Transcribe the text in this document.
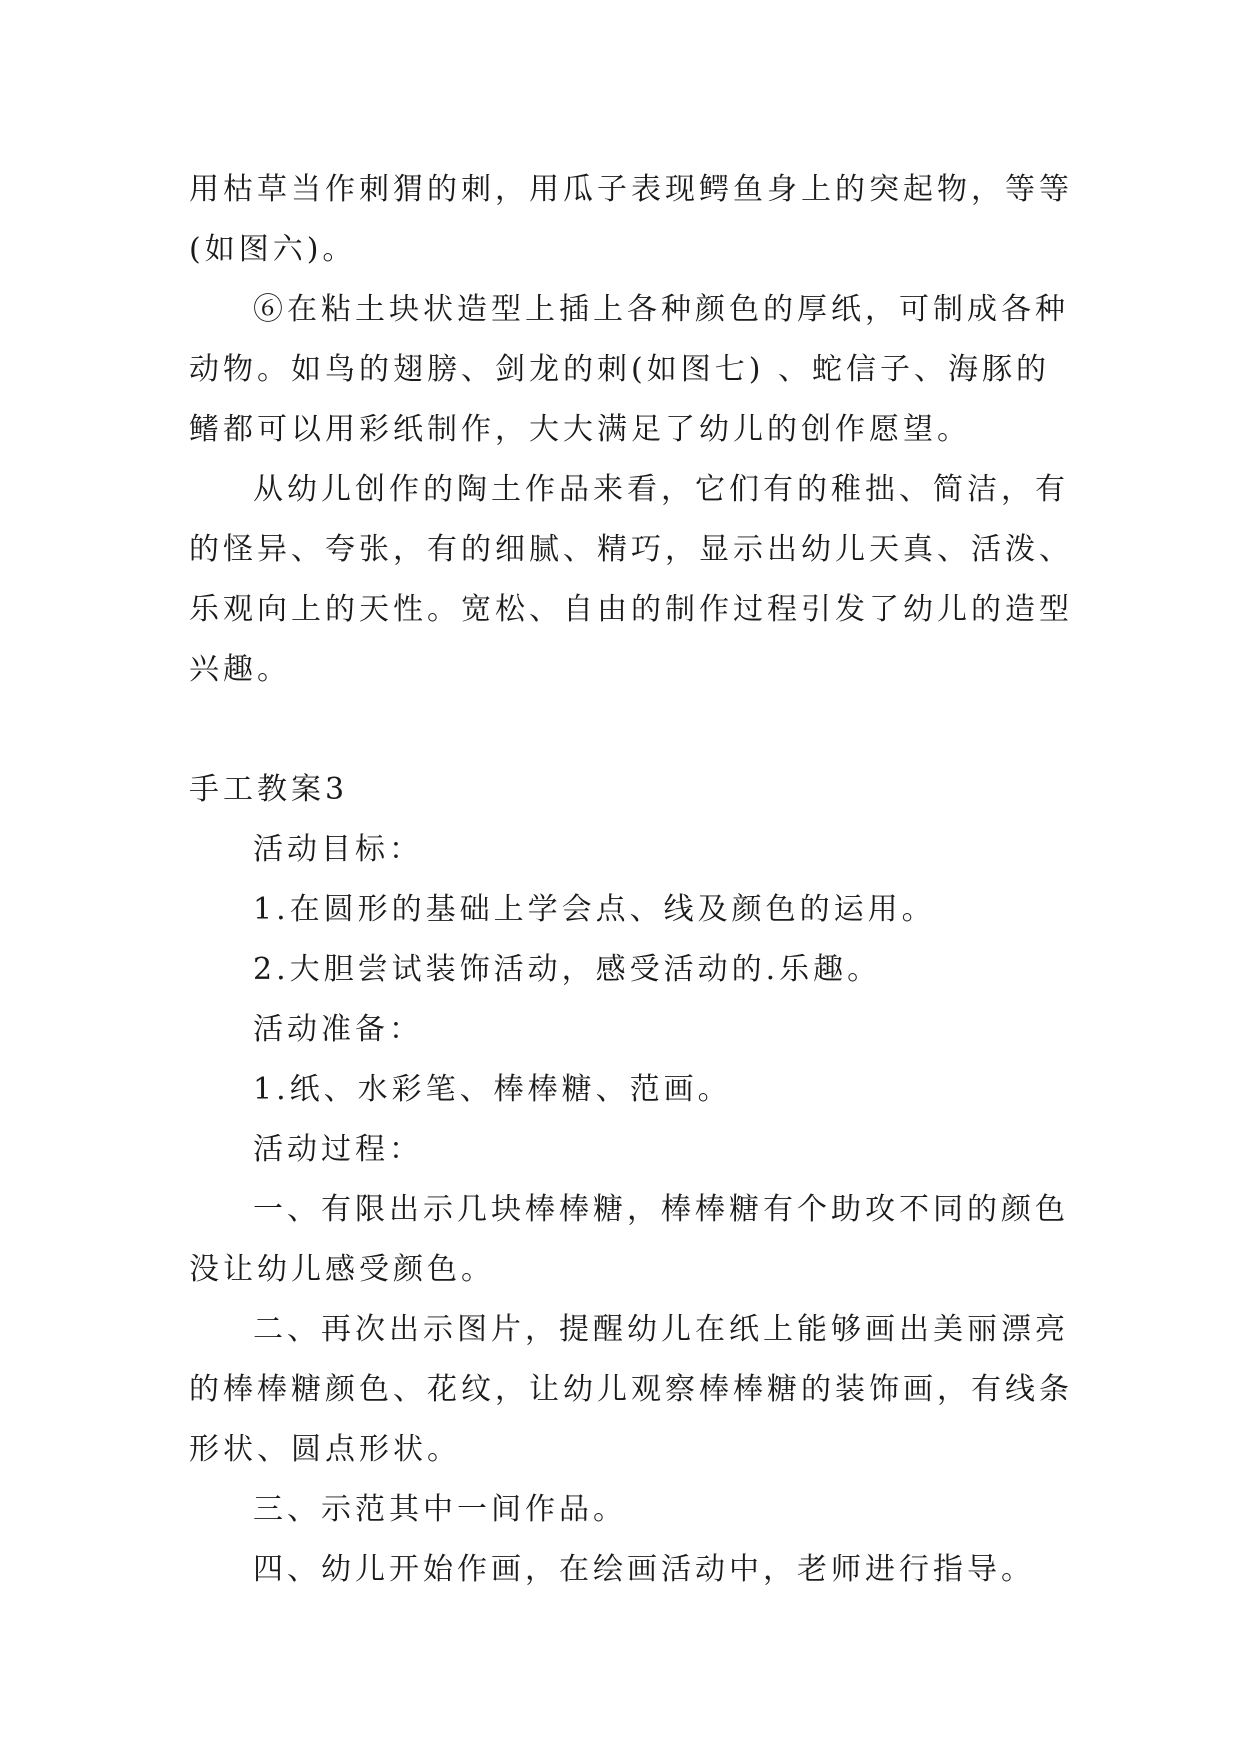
用枯草当作刺猬的刺，用瓜子表现鳄鱼身上的突起物，等等(如图六)。

⑥在粘土块状造型上插上各种颜色的厚纸，可制成各种动物。如鸟的翅膀、剑龙的刺(如图七) 、蛇信子、海豚的鳍都可以用彩纸制作，大大满足了幼儿的创作愿望。

从幼儿创作的陶土作品来看，它们有的稚拙、简洁，有的怪异、夸张，有的细腻、精巧，显示出幼儿天真、活泼、乐观向上的天性。宽松、自由的制作过程引发了幼儿的造型兴趣。

手工教案3

活动目标：

1.在圆形的基础上学会点、线及颜色的运用。

2.大胆尝试装饰活动，感受活动的.乐趣。

活动准备：

1.纸、水彩笔、棒棒糖、范画。

活动过程：

一、有限出示几块棒棒糖，棒棒糖有个助攻不同的颜色没让幼儿感受颜色。

二、再次出示图片，提醒幼儿在纸上能够画出美丽漂亮的棒棒糖颜色、花纹，让幼儿观察棒棒糖的装饰画，有线条形状、圆点形状。

三、示范其中一间作品。

四、幼儿开始作画，在绘画活动中，老师进行指导。
